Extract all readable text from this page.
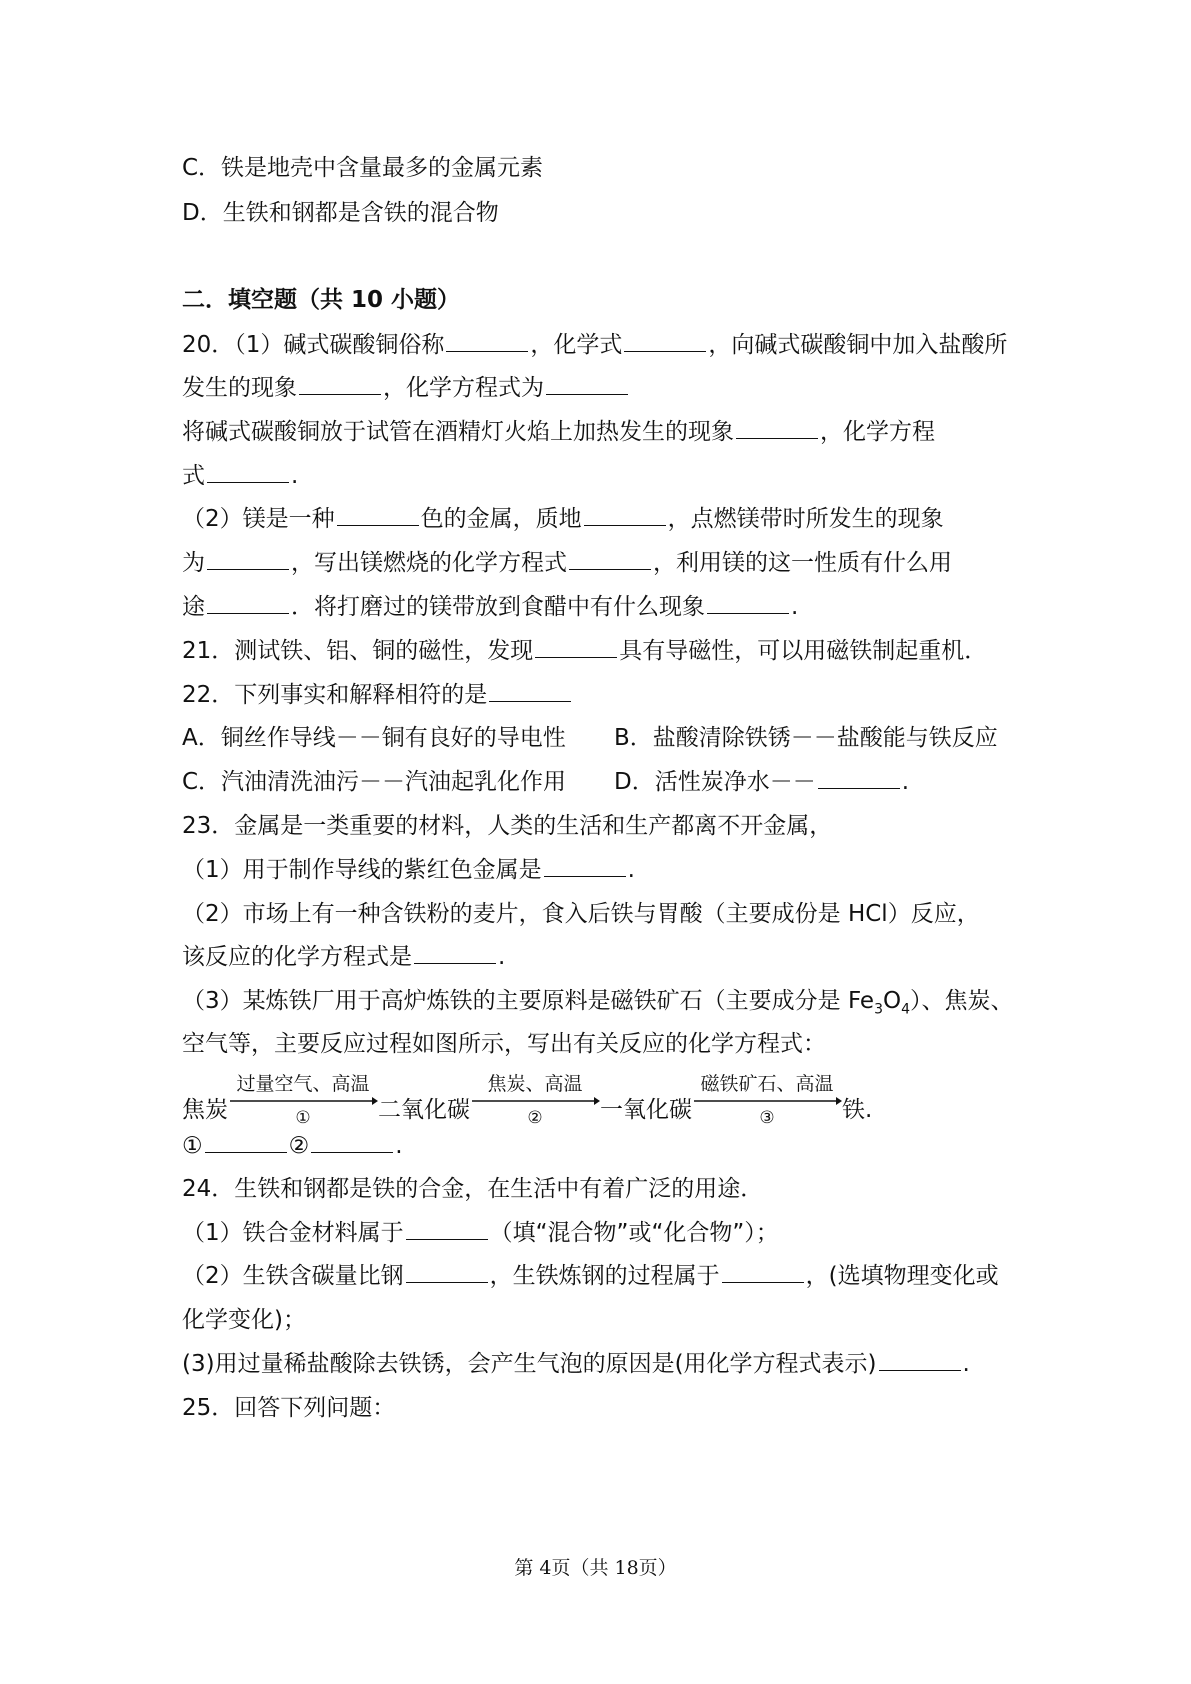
C．铁是地壳中含量最多的金属元素
D．生铁和钢都是含铁的混合物
二．填空题（共 10 小题）
20．（1）碱式碳酸铜俗称	，化学式	，向碱式碳酸铜中加入盐酸所
发生的现象	，化学方程式为
将碱式碳酸铜放于试管在酒精灯火焰上加热发生的现象	，化学方程
式	.
（2）镁是一种	色的金属，质地	，点燃镁带时所发生的现象
为	，写出镁燃烧的化学方程式	，利用镁的这一性质有什么用
途	．将打磨过的镁带放到食醋中有什么现象	.
21．测试铁、铝、铜的磁性，发现	具有导磁性，可以用磁铁制起重机．
22．下列事实和解释相符的是
A．铜丝作导线－－铜有良好的导电性 B．盐酸清除铁锈－－盐酸能与铁反应
C．汽油清洗油污－－汽油起乳化作用 D．活性炭净水－－	.
23．金属是一类重要的材料，人类的生活和生产都离不开金属，
（1）用于制作导线的紫红色金属是	.
（2）市场上有一种含铁粉的麦片，食入后铁与胃酸（主要成份是 HCl）反应，
该反应的化学方程式是	.
（3）某炼铁厂用于高炉炼铁的主要原料是磁铁矿石（主要成分是 $Fe_3O_4$）、焦炭、
空气等，主要反应过程如图所示，写出有关反应的化学方程式：
焦炭
过量空气、高温
①	二氧化碳
焦炭、高温
②	一氧化碳
磁铁矿石、高温
③	铁.
①	②	.
24．生铁和钢都是铁的合金，在生活中有着广泛的用途．
（1）铁合金材料属于	（填“混合物”或“化合物”）；
（2）生铁含碳量比钢	，生铁炼钢的过程属于	，(选填物理变化或
化学变化)；
(3)用过量稀盐酸除去铁锈，会产生气泡的原因是(用化学方程式表示)	.
25．回答下列问题：
第 4页（共 18页）
